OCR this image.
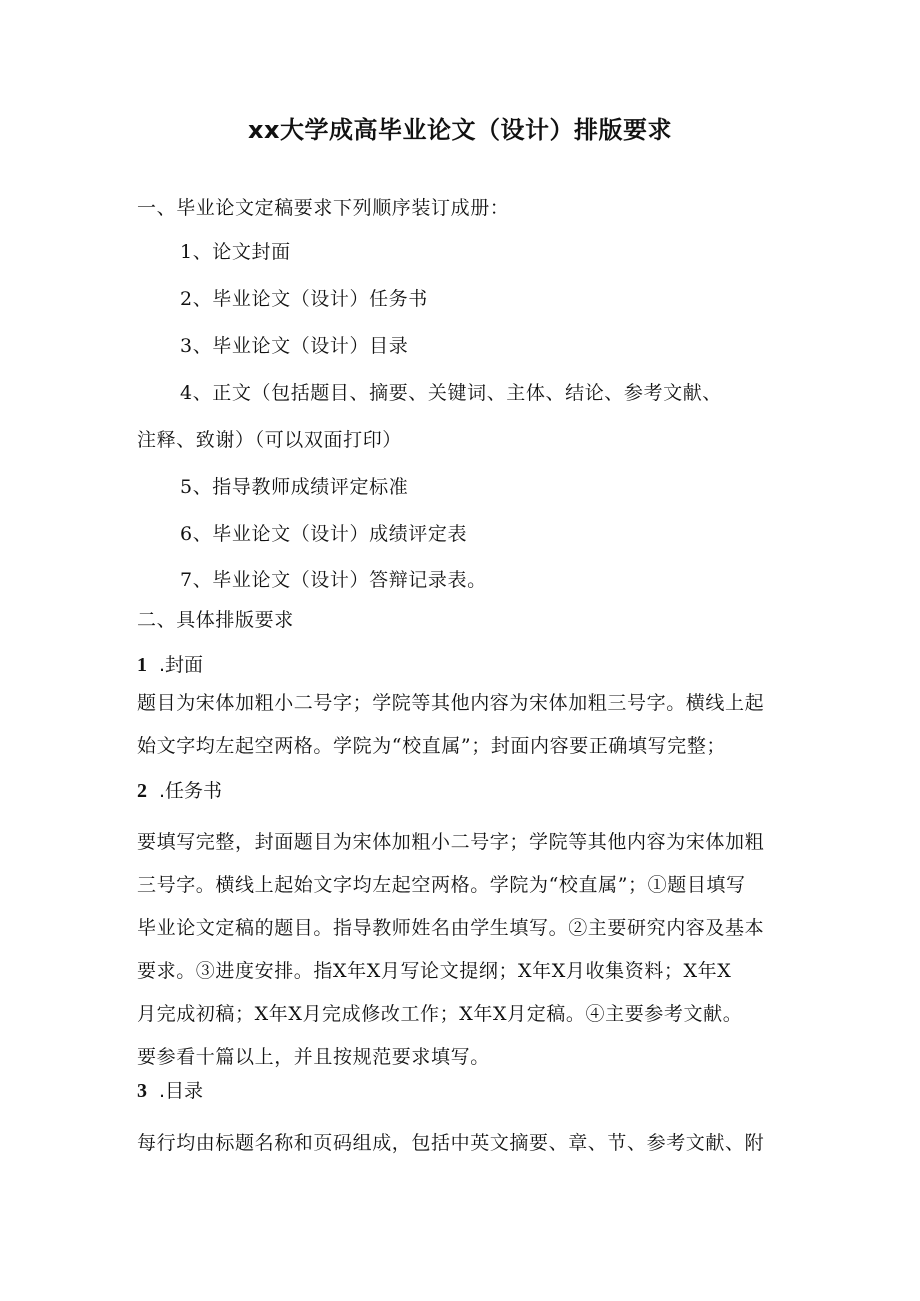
xx大学成高毕业论文（设计）排版要求
一、毕业论文定稿要求下列顺序装订成册：
1、论文封面
2、毕业论文（设计）任务书
3、毕业论文（设计）目录
4、正文（包括题目、摘要、关键词、主体、结论、参考文献、
注释、致谢）（可以双面打印）
5、指导教师成绩评定标准
6、毕业论文（设计）成绩评定表
7、毕业论文（设计）答辩记录表。
二、具体排版要求
1 .封面
题目为宋体加粗小二号字；学院等其他内容为宋体加粗三号字。横线上起
始文字均左起空两格。学院为“校直属”；封面内容要正确填写完整；
2 .任务书
要填写完整，封面题目为宋体加粗小二号字；学院等其他内容为宋体加粗
三号字。横线上起始文字均左起空两格。学院为“校直属”；①题目填写
毕业论文定稿的题目。指导教师姓名由学生填写。②主要研究内容及基本
要求。③进度安排。指X年X月写论文提纲；X年X月收集资料；X年X
月完成初稿；X年X月完成修改工作；X年X月定稿。④主要参考文献。
要参看十篇以上，并且按规范要求填写。
3 .目录
每行均由标题名称和页码组成，包括中英文摘要、章、节、参考文献、附
